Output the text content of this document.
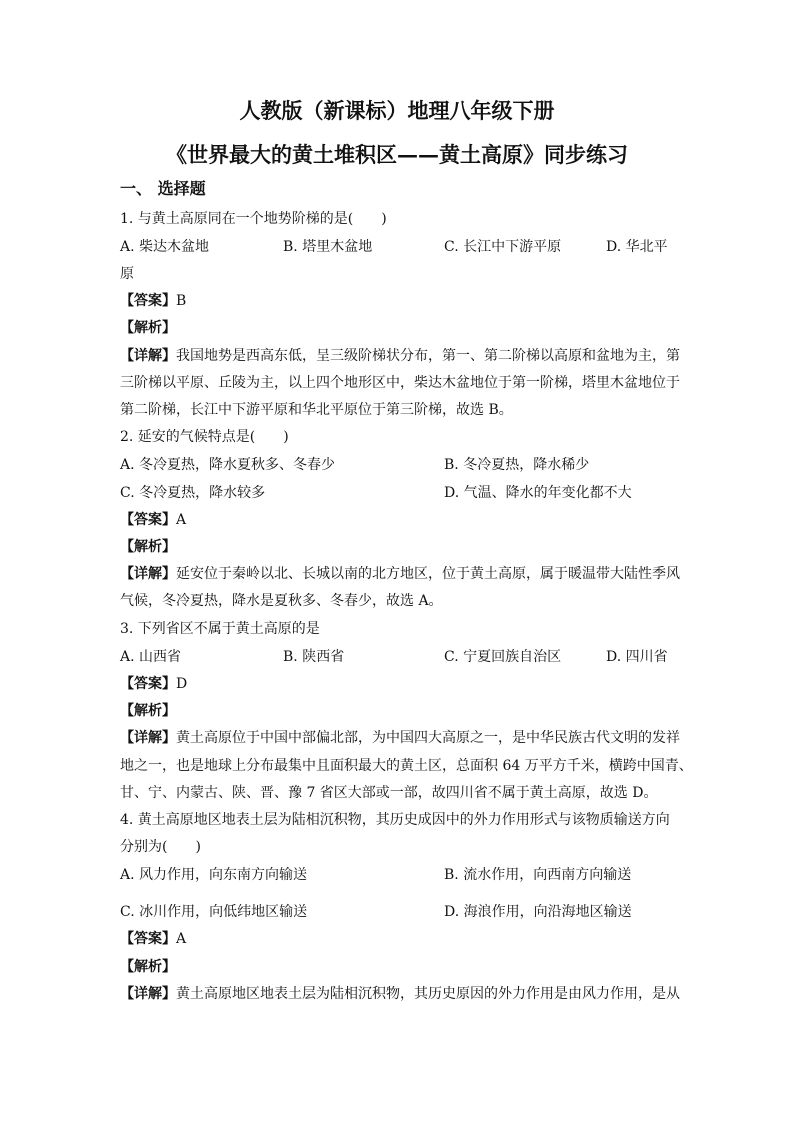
人教版（新课标）地理八年级下册
《世界最大的黄土堆积区——黄土高原》同步练习
一、 选择题
1. 与黄土高原同在一个地势阶梯的是(　　)
A. 柴达木盆地	B. 塔里木盆地	C. 长江中下游平原	D. 华北平
原
【答案】B
【解析】
【详解】我国地势是西高东低，呈三级阶梯状分布，第一、第二阶梯以高原和盆地为主，第
三阶梯以平原、丘陵为主，以上四个地形区中，柴达木盆地位于第一阶梯，塔里木盆地位于
第二阶梯，长江中下游平原和华北平原位于第三阶梯，故选 B。
2. 延安的气候特点是(　　)
A. 冬冷夏热，降水夏秋多、冬春少	B. 冬冷夏热，降水稀少
C. 冬冷夏热，降水较多	D. 气温、降水的年变化都不大
【答案】A
【解析】
【详解】延安位于秦岭以北、长城以南的北方地区，位于黄土高原，属于暖温带大陆性季风
气候，冬冷夏热，降水是夏秋多、冬春少，故选 A。
3. 下列省区不属于黄土高原的是
A. 山西省	B. 陕西省	C. 宁夏回族自治区	D. 四川省
【答案】D
【解析】
【详解】黄土高原位于中国中部偏北部，为中国四大高原之一，是中华民族古代文明的发祥
地之一，也是地球上分布最集中且面积最大的黄土区，总面积 64 万平方千米，横跨中国青、
甘、宁、内蒙古、陕、晋、豫 7 省区大部或一部，故四川省不属于黄土高原，故选 D。
4. 黄土高原地区地表土层为陆相沉积物，其历史成因中的外力作用形式与该物质输送方向
分别为(　　)
A. 风力作用，向东南方向输送	B. 流水作用，向西南方向输送
C. 冰川作用，向低纬地区输送	D. 海浪作用，向沿海地区输送
【答案】A
【解析】
【详解】黄土高原地区地表土层为陆相沉积物，其历史原因的外力作用是由风力作用，是从
